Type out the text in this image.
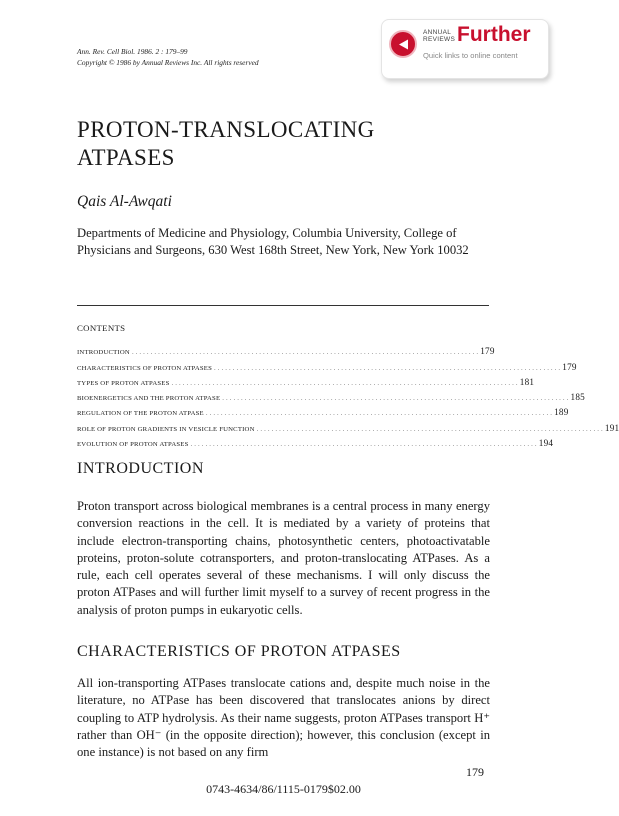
Ann. Rev. Cell Biol. 1986. 2 : 179–99
Copyright © 1986 by Annual Reviews Inc. All rights reserved
ANNUAL
REVIEWS Further
Quick links to online content
PROTON-TRANSLOCATING
ATPASES
Qais Al-Awqati
Departments of Medicine and Physiology, Columbia University, College of Physicians and Surgeons, 630 West 168th Street, New York, New York 10032
CONTENTS
INTRODUCTION . . . . . . . . . . . . . . . . . . . . . . . . . . . . . . . . . . . . . . . . . . . . . . . . . . . . . . . . . . . . . . . . . . . . . . . . . . . . . . . . . . . . . . . . . . . . . 179
CHARACTERISTICS OF PROTON ATPASES . . . . . . . . . . . . . . . . . . . . . . . . . . . . . . . . . . . . . . . . . . . . . . . . . . . . . . . . . . . . . . . . . . . . . . . . . . . . . . . . . . . . . . . . . . . . . 179
TYPES OF PROTON ATPASES . . . . . . . . . . . . . . . . . . . . . . . . . . . . . . . . . . . . . . . . . . . . . . . . . . . . . . . . . . . . . . . . . . . . . . . . . . . . . . . . . . . . . . . . . . . . . 181
BIOENERGETICS AND THE PROTON ATPASE . . . . . . . . . . . . . . . . . . . . . . . . . . . . . . . . . . . . . . . . . . . . . . . . . . . . . . . . . . . . . . . . . . . . . . . . . . . . . . . . . . . . . . . . . . . . . 185
REGULATION OF THE PROTON ATPASE . . . . . . . . . . . . . . . . . . . . . . . . . . . . . . . . . . . . . . . . . . . . . . . . . . . . . . . . . . . . . . . . . . . . . . . . . . . . . . . . . . . . . . . . . . . . . 189
ROLE OF PROTON GRADIENTS IN VESICLE FUNCTION . . . . . . . . . . . . . . . . . . . . . . . . . . . . . . . . . . . . . . . . . . . . . . . . . . . . . . . . . . . . . . . . . . . . . . . . . . . . . . . . . . . . . . . . . . . . . 191
EVOLUTION OF PROTON ATPASES . . . . . . . . . . . . . . . . . . . . . . . . . . . . . . . . . . . . . . . . . . . . . . . . . . . . . . . . . . . . . . . . . . . . . . . . . . . . . . . . . . . . . . . . . . . . . 194
INTRODUCTION
Proton transport across biological membranes is a central process in many energy conversion reactions in the cell. It is mediated by a variety of proteins that include electron-transporting chains, photosynthetic centers, photoactivatable proteins, proton-solute cotransporters, and proton-translocating ATPases. As a rule, each cell operates several of these mechanisms. I will only discuss the proton ATPases and will further limit myself to a survey of recent progress in the analysis of proton pumps in eukaryotic cells.
CHARACTERISTICS OF PROTON ATPASES
All ion-transporting ATPases translocate cations and, despite much noise in the literature, no ATPase has been discovered that translocates anions by direct coupling to ATP hydrolysis. As their name suggests, proton ATPases transport H⁺ rather than OH⁻ (in the opposite direction); however, this conclusion (except in one instance) is not based on any firm
179
0743-4634/86/1115-0179$02.00
